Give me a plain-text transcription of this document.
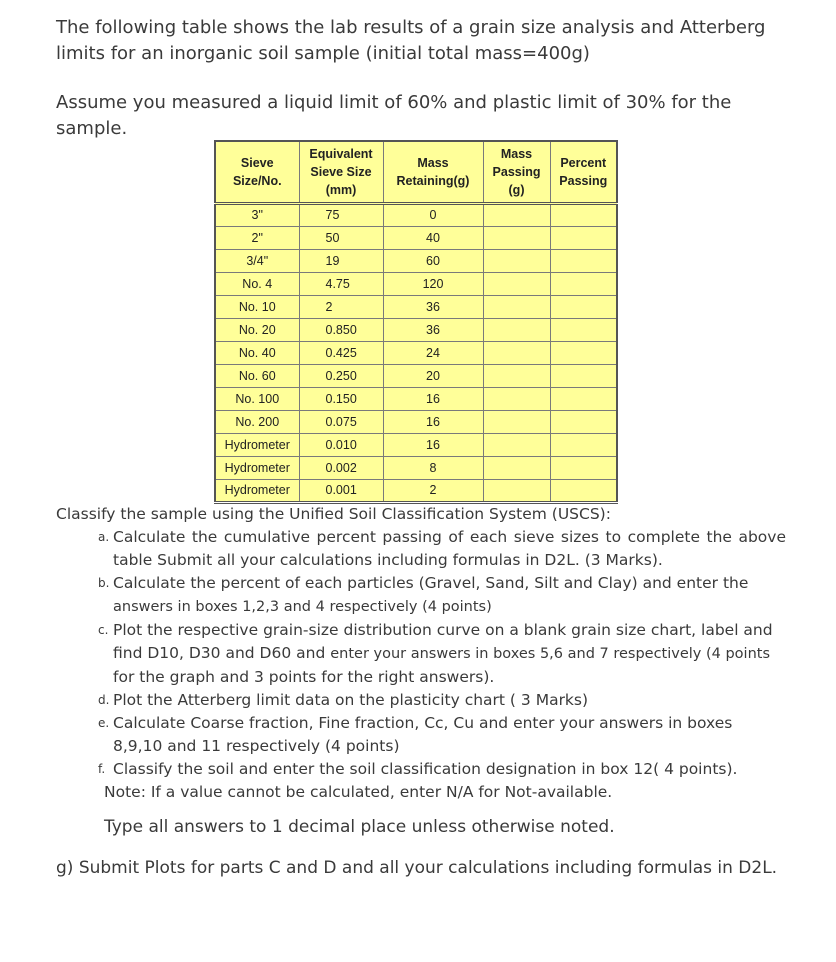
The following table shows the lab results of a grain size analysis and Atterberg limits for an inorganic soil sample (initial total mass=400g)

Assume you measured a liquid limit of 60% and plastic limit of 30% for the sample.

Sieve Size/No.	Equivalent Sieve Size (mm)	Mass Retaining(g)	Mass Passing (g)	Percent Passing
3"	75	0		
2"	50	40		
3/4"	19	60		
No. 4	4.75	120		
No. 10	2	36		
No. 20	0.850	36		
No. 40	0.425	24		
No. 60	0.250	20		
No. 100	0.150	16		
No. 200	0.075	16		
Hydrometer	0.010	16		
Hydrometer	0.002	8		
Hydrometer	0.001	2		

Classify the sample using the Unified Soil Classification System (USCS):

a. Calculate the cumulative percent passing of each sieve sizes to complete the above table Submit all your calculations including formulas in D2L. (3 Marks).
b. Calculate the percent of each particles (Gravel, Sand, Silt and Clay) and enter the
answers in boxes 1,2,3 and 4 respectively (4 points)
c. Plot the respective grain-size distribution curve on a blank grain size chart, label and find D10, D30 and D60 and enter your answers in boxes 5,6 and 7 respectively (4 points for the graph and 3 points for the right answers).
d. Plot the Atterberg limit data on the plasticity chart ( 3 Marks)
e. Calculate Coarse fraction, Fine fraction, Cc, Cu and enter your answers in boxes 8,9,10 and 11 respectively (4 points)
f. Classify the soil and enter the soil classification designation in box 12( 4 points).

Note: If a value cannot be calculated, enter N/A for Not-available.

Type all answers to 1 decimal place unless otherwise noted.

g) Submit Plots for parts C and D and all your calculations including formulas in D2L.
